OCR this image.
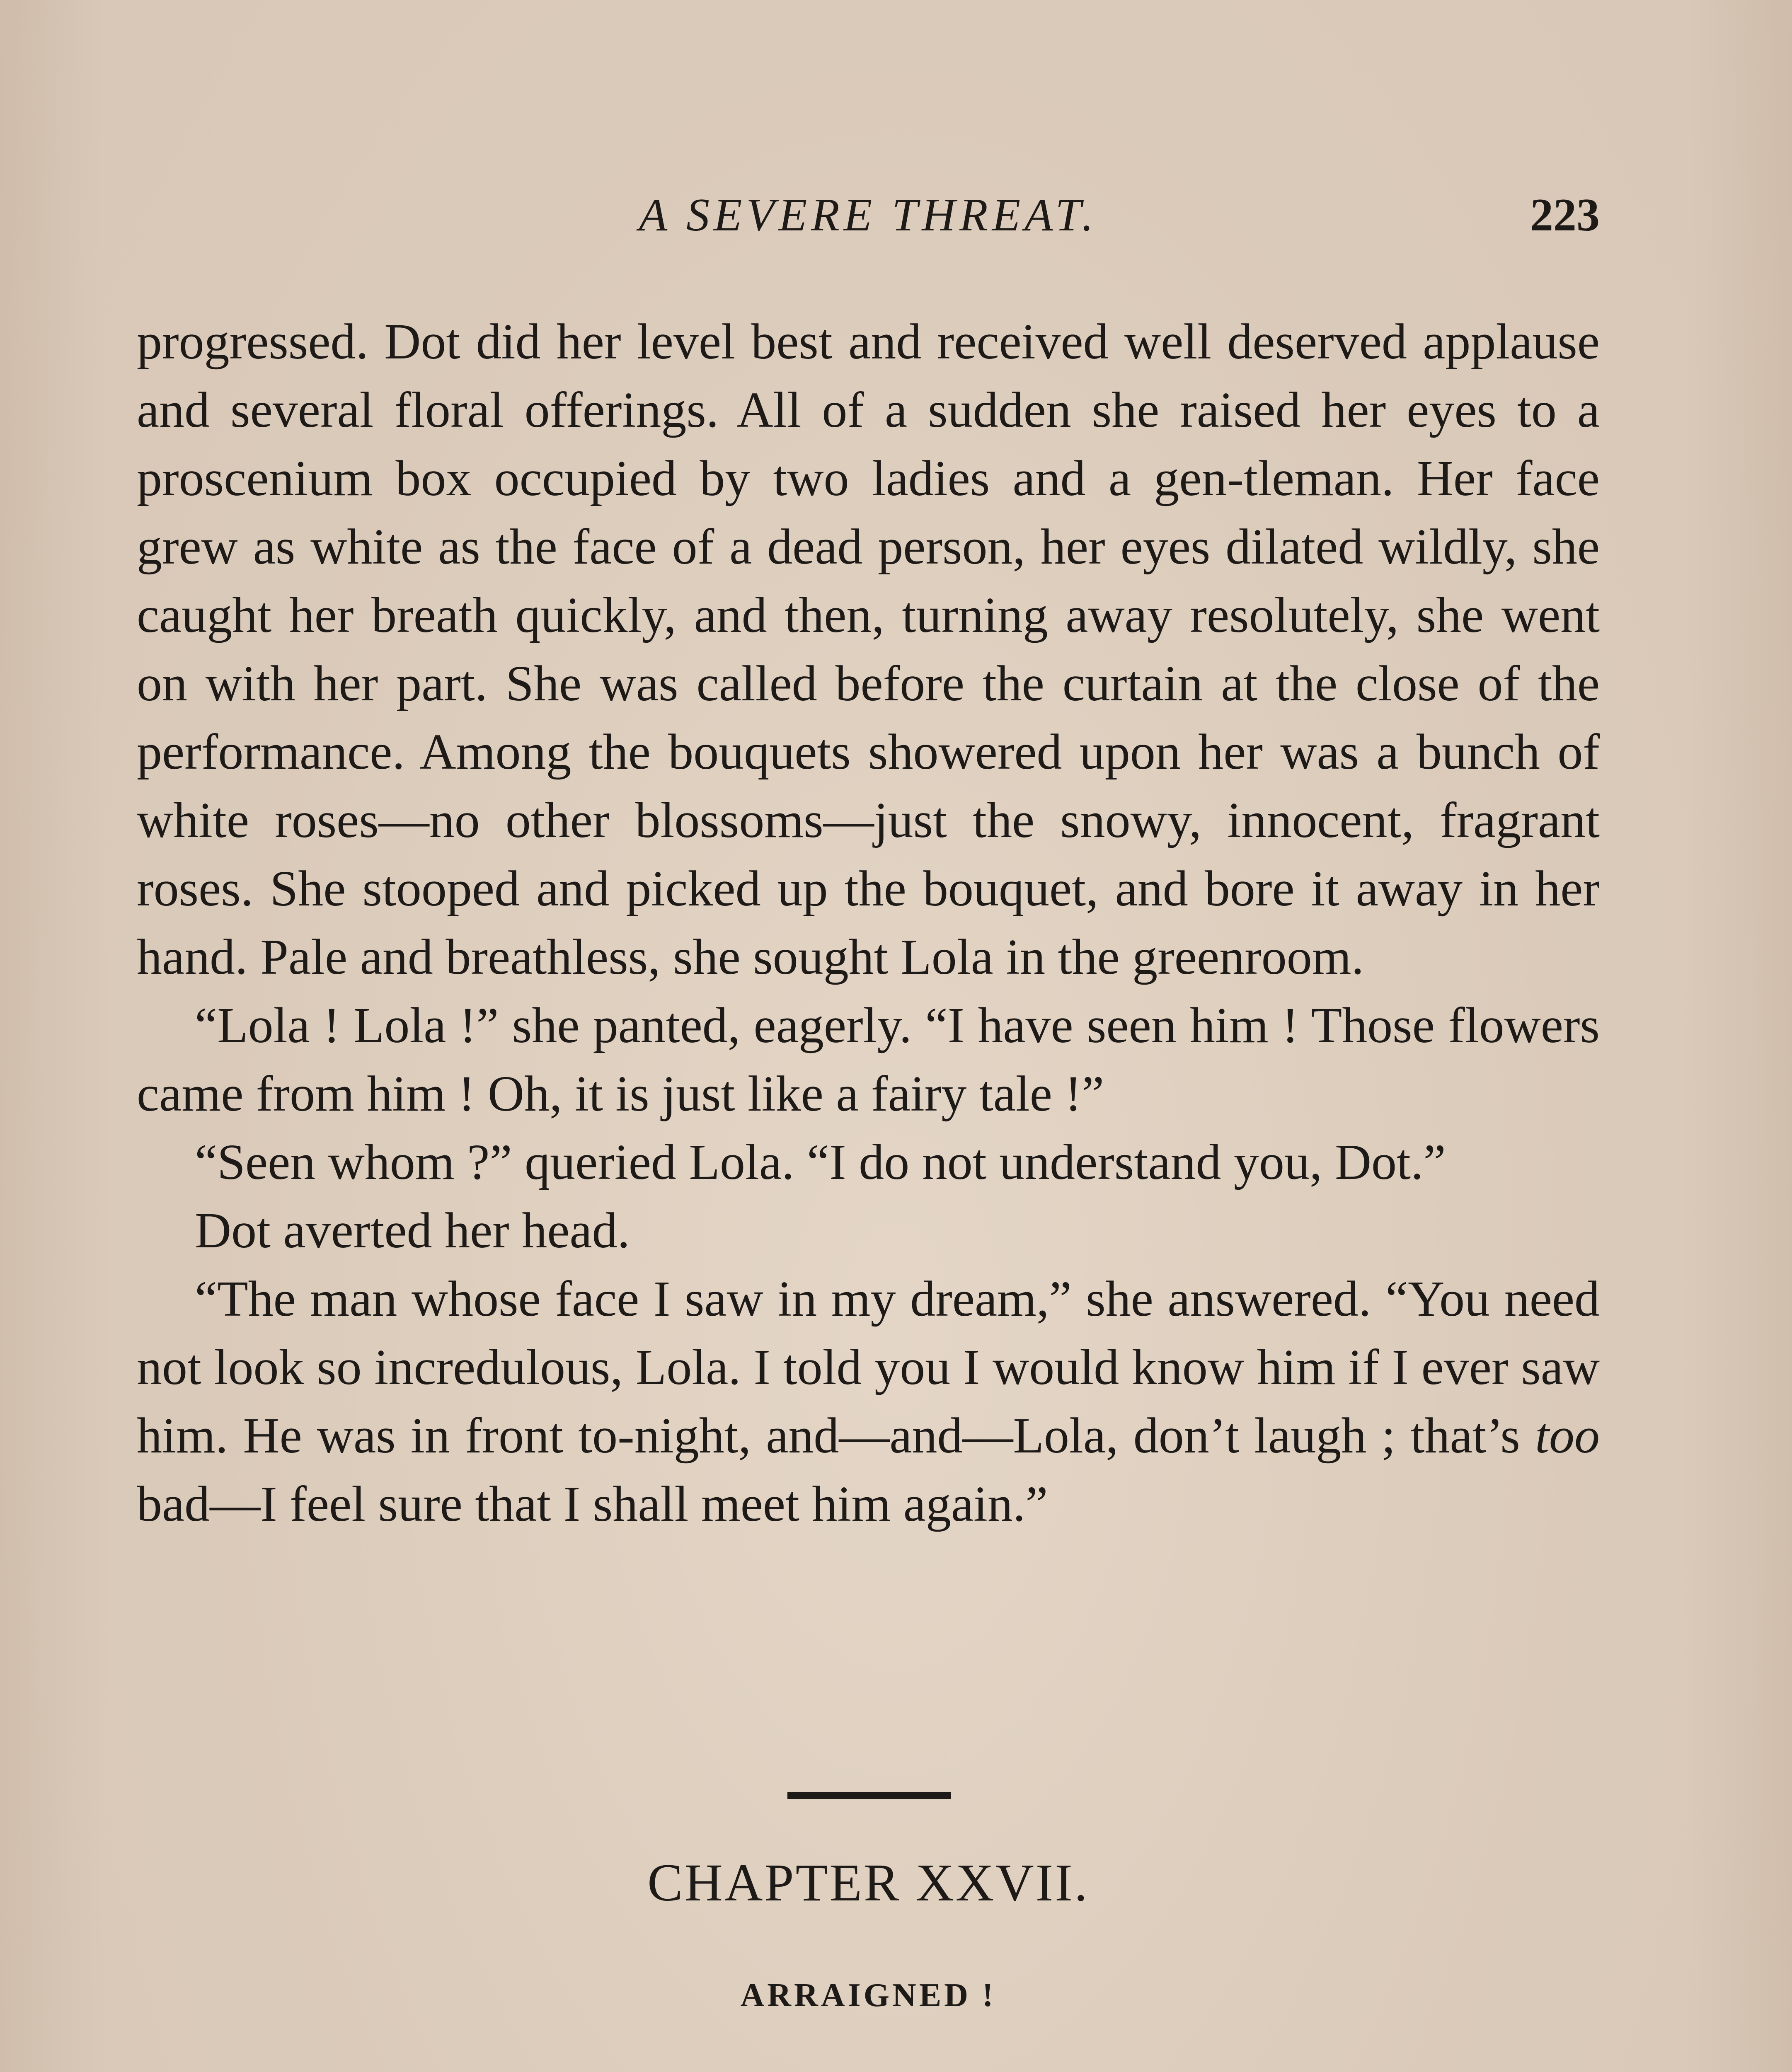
A SEVERE THREAT.	223

progressed. Dot did her level best and received well deserved applause and several floral offerings. All of a sudden she raised her eyes to a proscenium box occupied by two ladies and a gen-tleman. Her face grew as white as the face of a dead person, her eyes dilated wildly, she caught her breath quickly, and then, turning away resolutely, she went on with her part. She was called before the curtain at the close of the performance. Among the bouquets showered upon her was a bunch of white roses—no other blossoms—just the snowy, innocent, fragrant roses. She stooped and picked up the bouquet, and bore it away in her hand. Pale and breathless, she sought Lola in the greenroom.

“Lola ! Lola !” she panted, eagerly. “I have seen him ! Those flowers came from him ! Oh, it is just like a fairy tale !”

“Seen whom ?” queried Lola. “I do not understand you, Dot.”

Dot averted her head.

“The man whose face I saw in my dream,” she answered. “You need not look so incredulous, Lola. I told you I would know him if I ever saw him. He was in front to-night, and—and—Lola, don’t laugh ; that’s too bad—I feel sure that I shall meet him again.”

CHAPTER XXVII.
ARRAIGNED !
